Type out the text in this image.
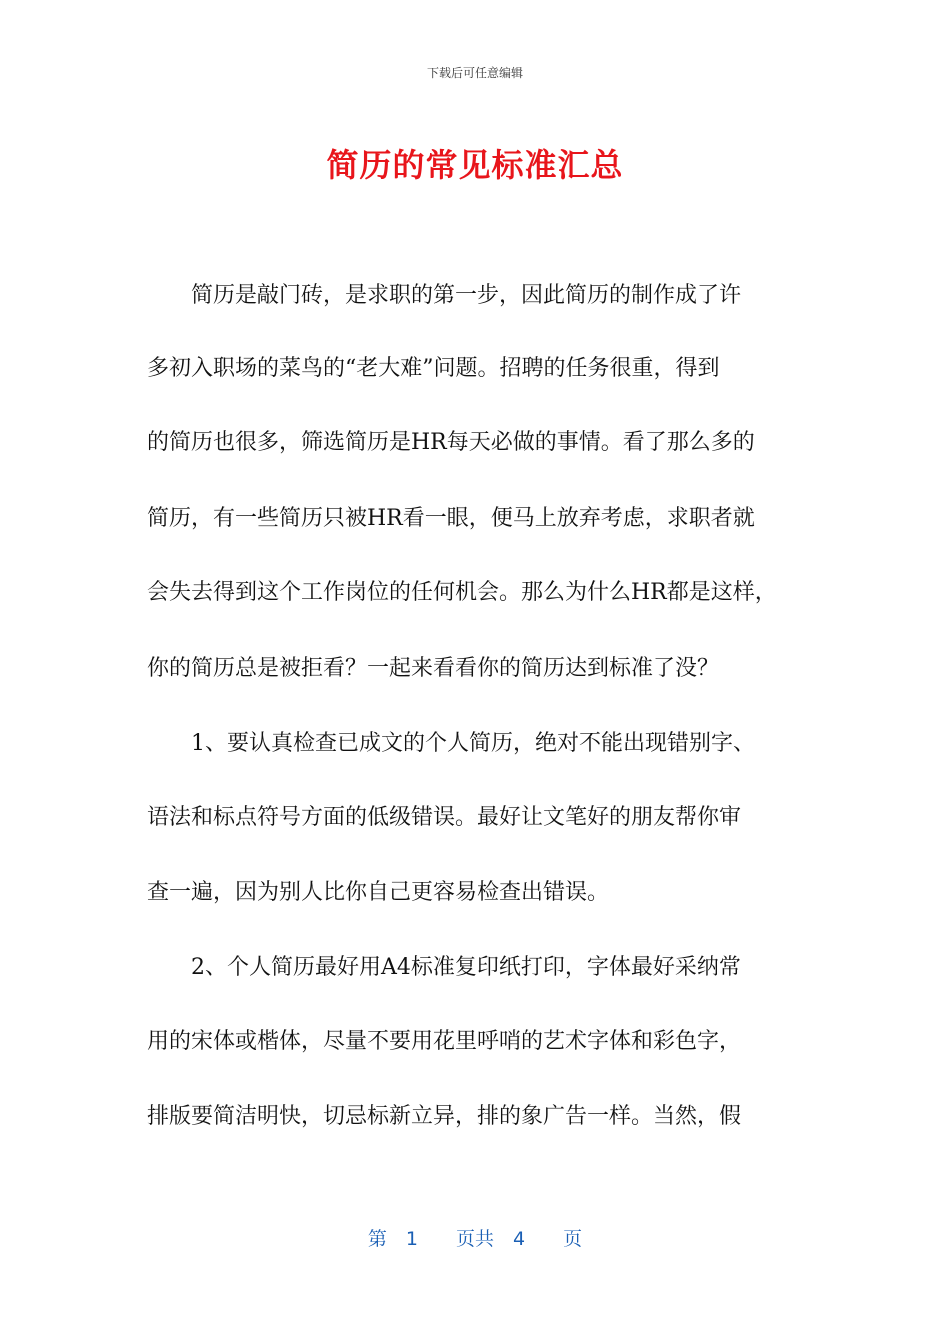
下载后可任意编辑
简历的常见标准汇总
　　简历是敲门砖，是求职的第一步，因此简历的制作成了许
多初入职场的菜鸟的“老大难”问题。招聘的任务很重，得到
的简历也很多，筛选简历是HR每天必做的事情。看了那么多的
简历，有一些简历只被HR看一眼，便马上放弃考虑，求职者就
会失去得到这个工作岗位的任何机会。那么为什么HR都是这样，
你的简历总是被拒看？一起来看看你的简历达到标准了没？
　　1、要认真检查已成文的个人简历，绝对不能出现错别字、
语法和标点符号方面的低级错误。最好让文笔好的朋友帮你审
查一遍，因为别人比你自己更容易检查出错误。
　　2、个人简历最好用A4标准复印纸打印，字体最好采纳常
用的宋体或楷体，尽量不要用花里呼哨的艺术字体和彩色字，
排版要简洁明快，切忌标新立异，排的象广告一样。当然，假
第　1　　页共　4　　页
